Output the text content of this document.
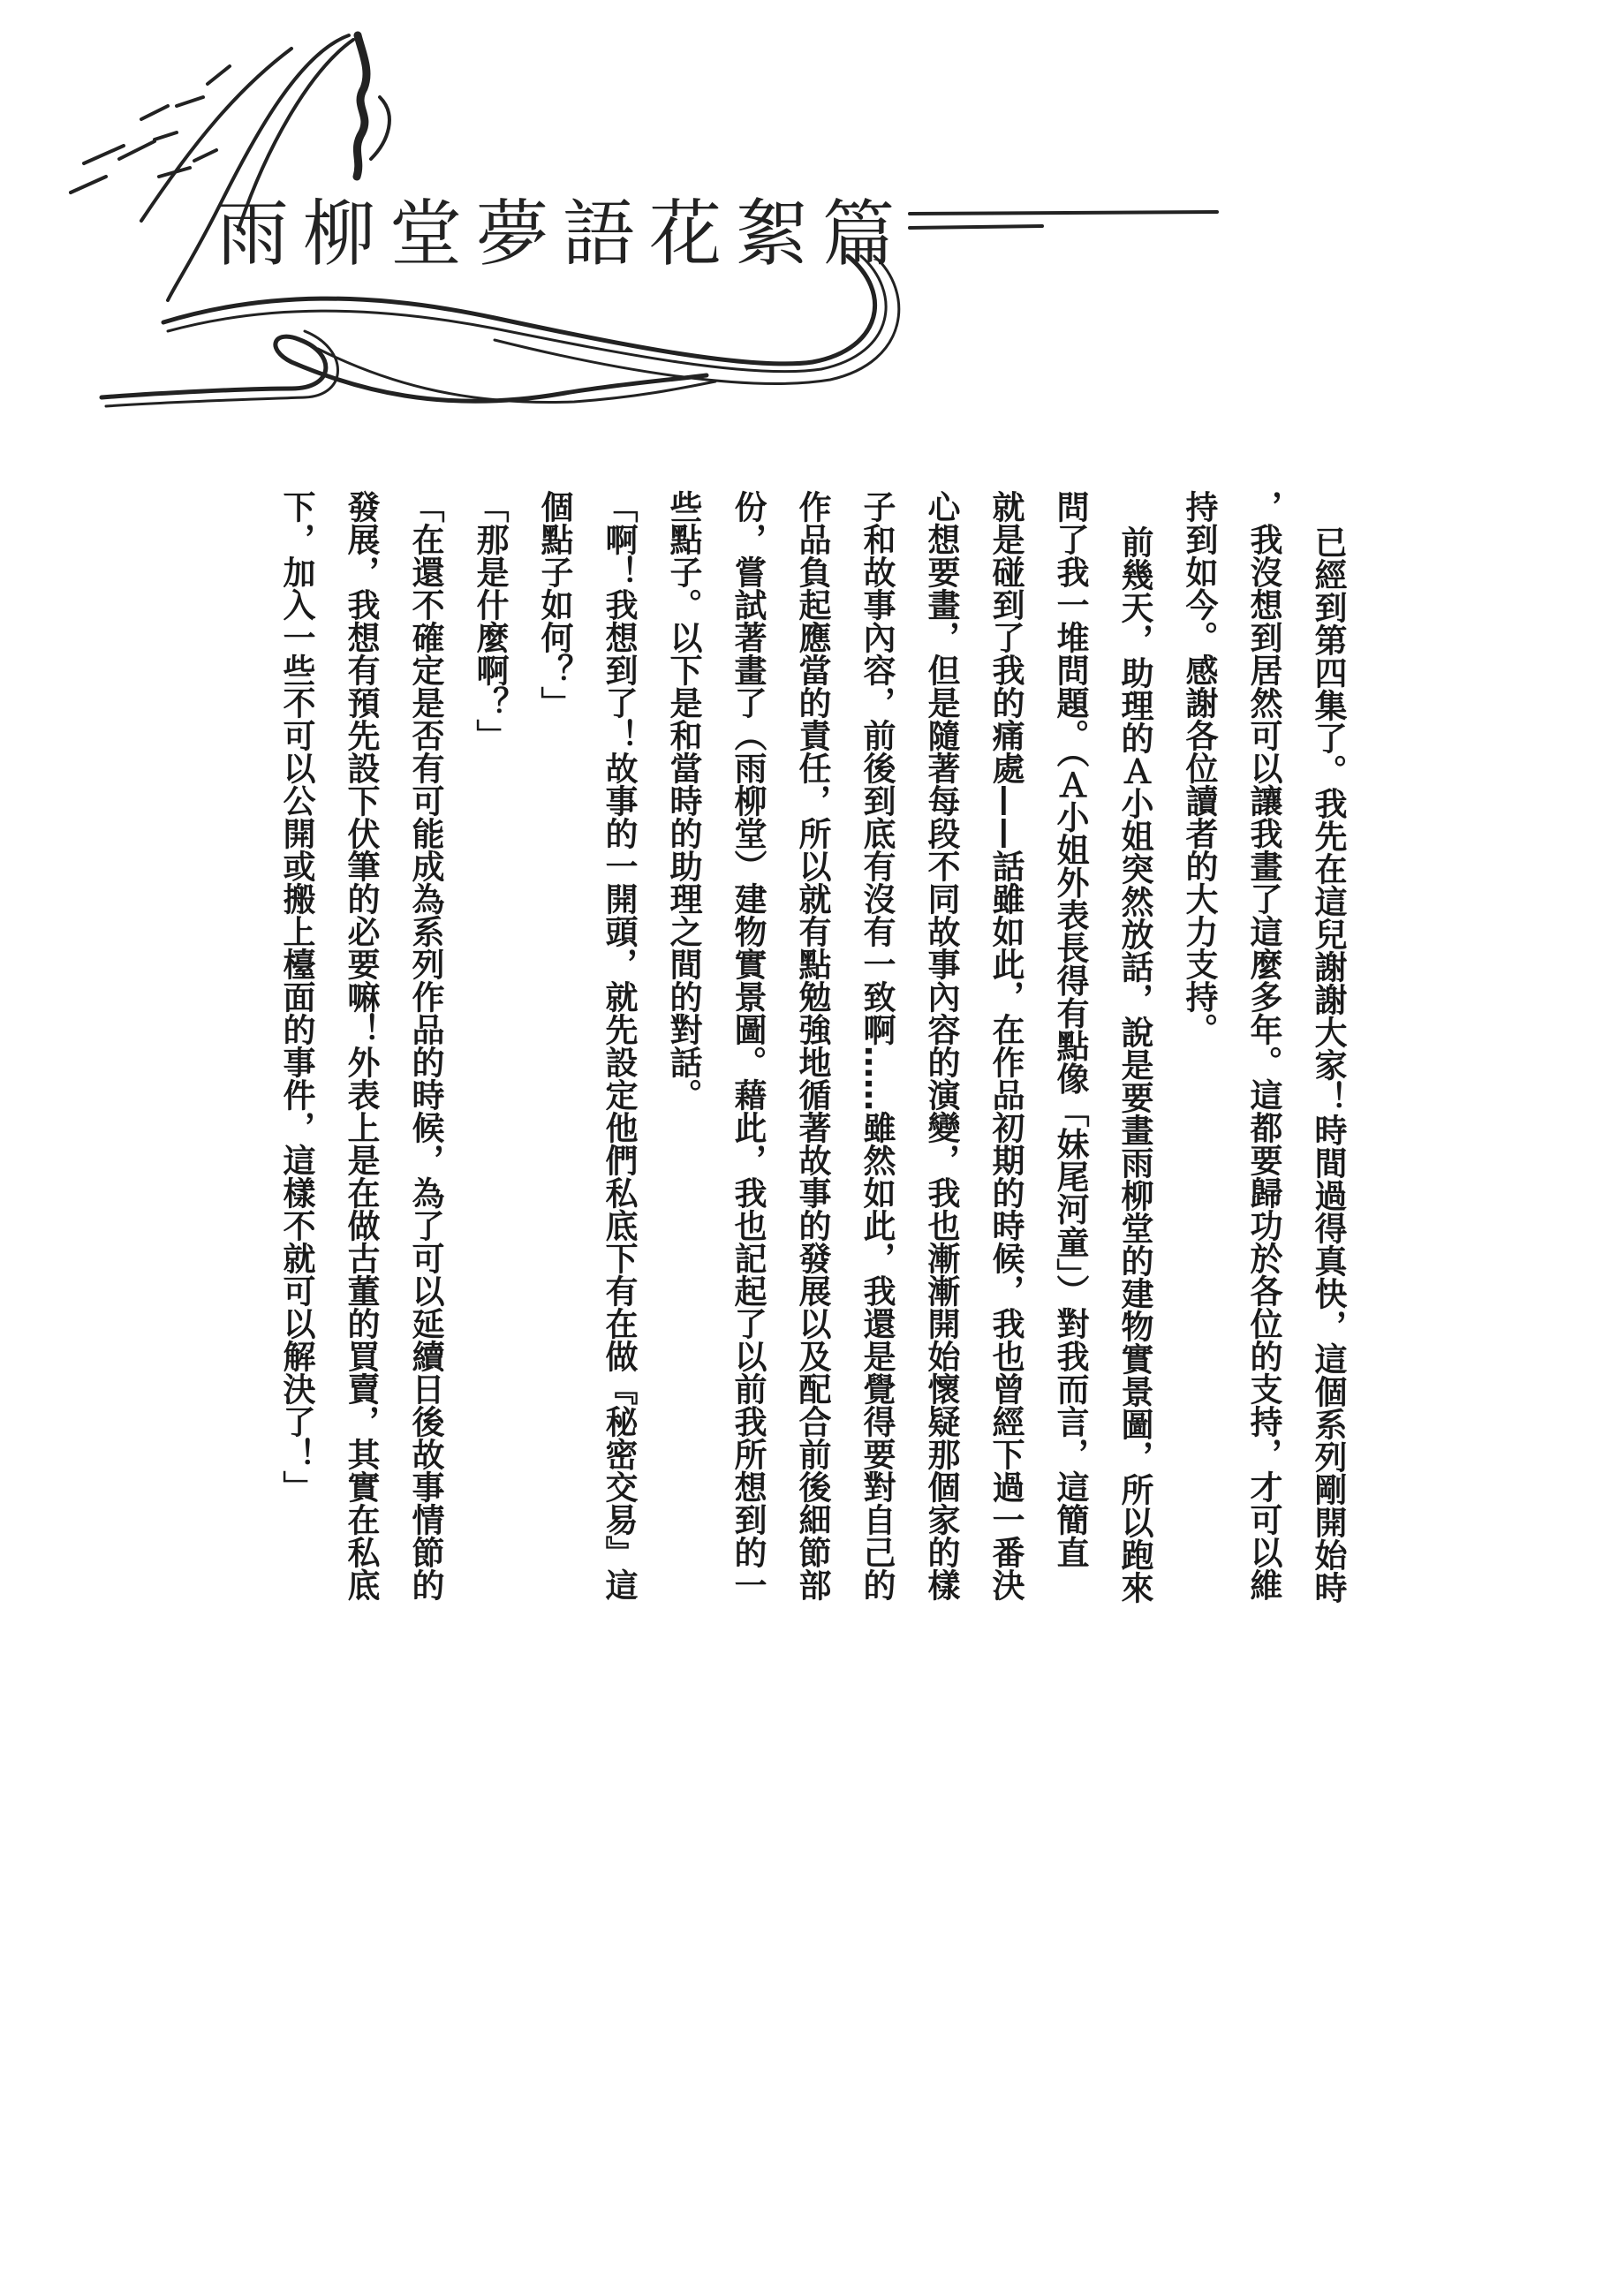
雨柳堂夢語花絮篇
已經到第四集了。我先在這兒謝謝大家！時間過得真快，這個系列剛開始時
，我沒想到居然可以讓我畫了這麼多年。這都要歸功於各位的支持，才可以維
持到如今。感謝各位讀者的大力支持。
前幾天，助理的Ａ小姐突然放話，說是要畫雨柳堂的建物實景圖，所以跑來
問了我一堆問題。（Ａ小姐外表長得有點像「妹尾河童」）對我而言，這簡直
就是碰到了我的痛處——話雖如此，在作品初期的時候，我也曾經下過一番決
心想要畫，但是隨著每段不同故事內容的演變，我也漸漸開始懷疑那個家的樣
子和故事內容，前後到底有沒有一致啊……雖然如此，我還是覺得要對自己的
作品負起應當的責任，所以就有點勉強地循著故事的發展以及配合前後細節部
份，嘗試著畫了（雨柳堂）建物實景圖。藉此，我也記起了以前我所想到的一
些點子。以下是和當時的助理之間的對話。
「啊！我想到了！故事的一開頭，就先設定他們私底下有在做『秘密交易』這
個點子如何？」
「那是什麼啊？」
「在還不確定是否有可能成為系列作品的時候，為了可以延續日後故事情節的
發展，我想有預先設下伏筆的必要嘛！外表上是在做古董的買賣，其實在私底
下，加入一些不可以公開或搬上檯面的事件，這樣不就可以解決了！」
